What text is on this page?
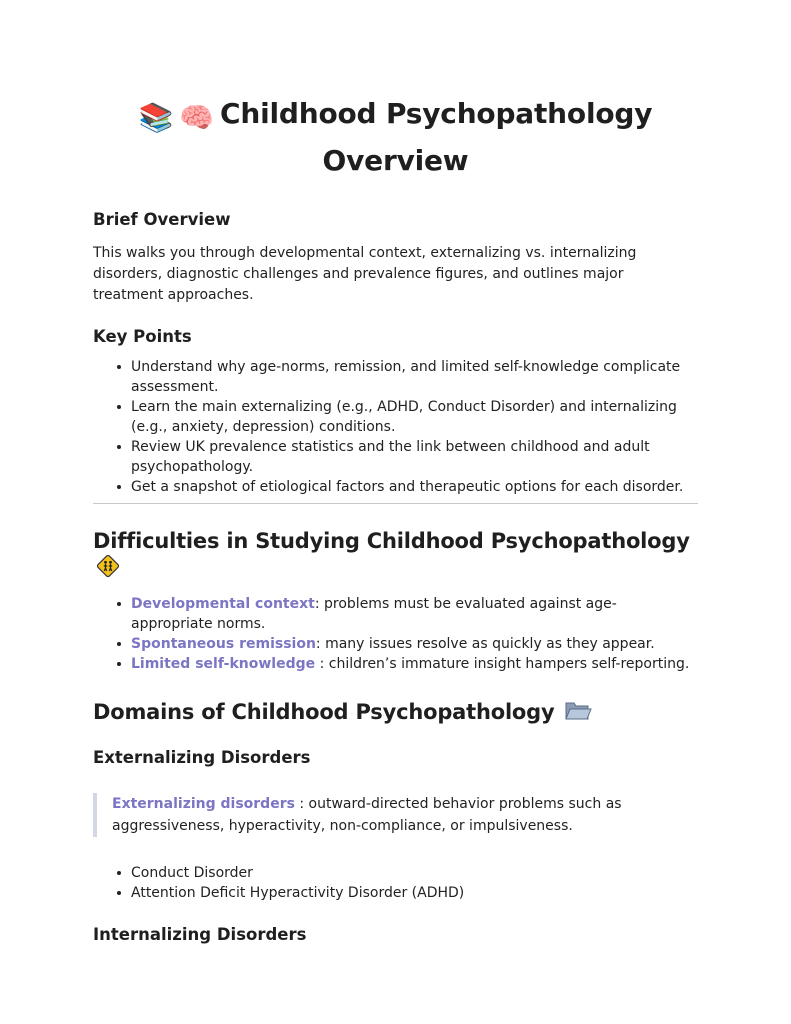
📚 🧠 Childhood Psychopathology
Overview
Brief Overview

This walks you through developmental context, externalizing vs. internalizing disorders, diagnostic challenges and prevalence figures, and outlines major treatment approaches.

Key Points
Understand why age-norms, remission, and limited self-knowledge complicate assessment.
Learn the main externalizing (e.g., ADHD, Conduct Disorder) and internalizing (e.g., anxiety, depression) conditions.
Review UK prevalence statistics and the link between childhood and adult psychopathology.
Get a snapshot of etiological factors and therapeutic options for each disorder.
Difficulties in Studying Childhood Psychopathology
Developmental context: problems must be evaluated against age-appropriate norms.
Spontaneous remission: many issues resolve as quickly as they appear.
Limited self-knowledge : children’s immature insight hampers self-reporting.
Domains of Childhood Psychopathology
Externalizing Disorders

Externalizing disorders : outward-directed behavior problems such as aggressiveness, hyperactivity, non-compliance, or impulsiveness.

Conduct Disorder
Attention Deficit Hyperactivity Disorder (ADHD)
Internalizing Disorders
